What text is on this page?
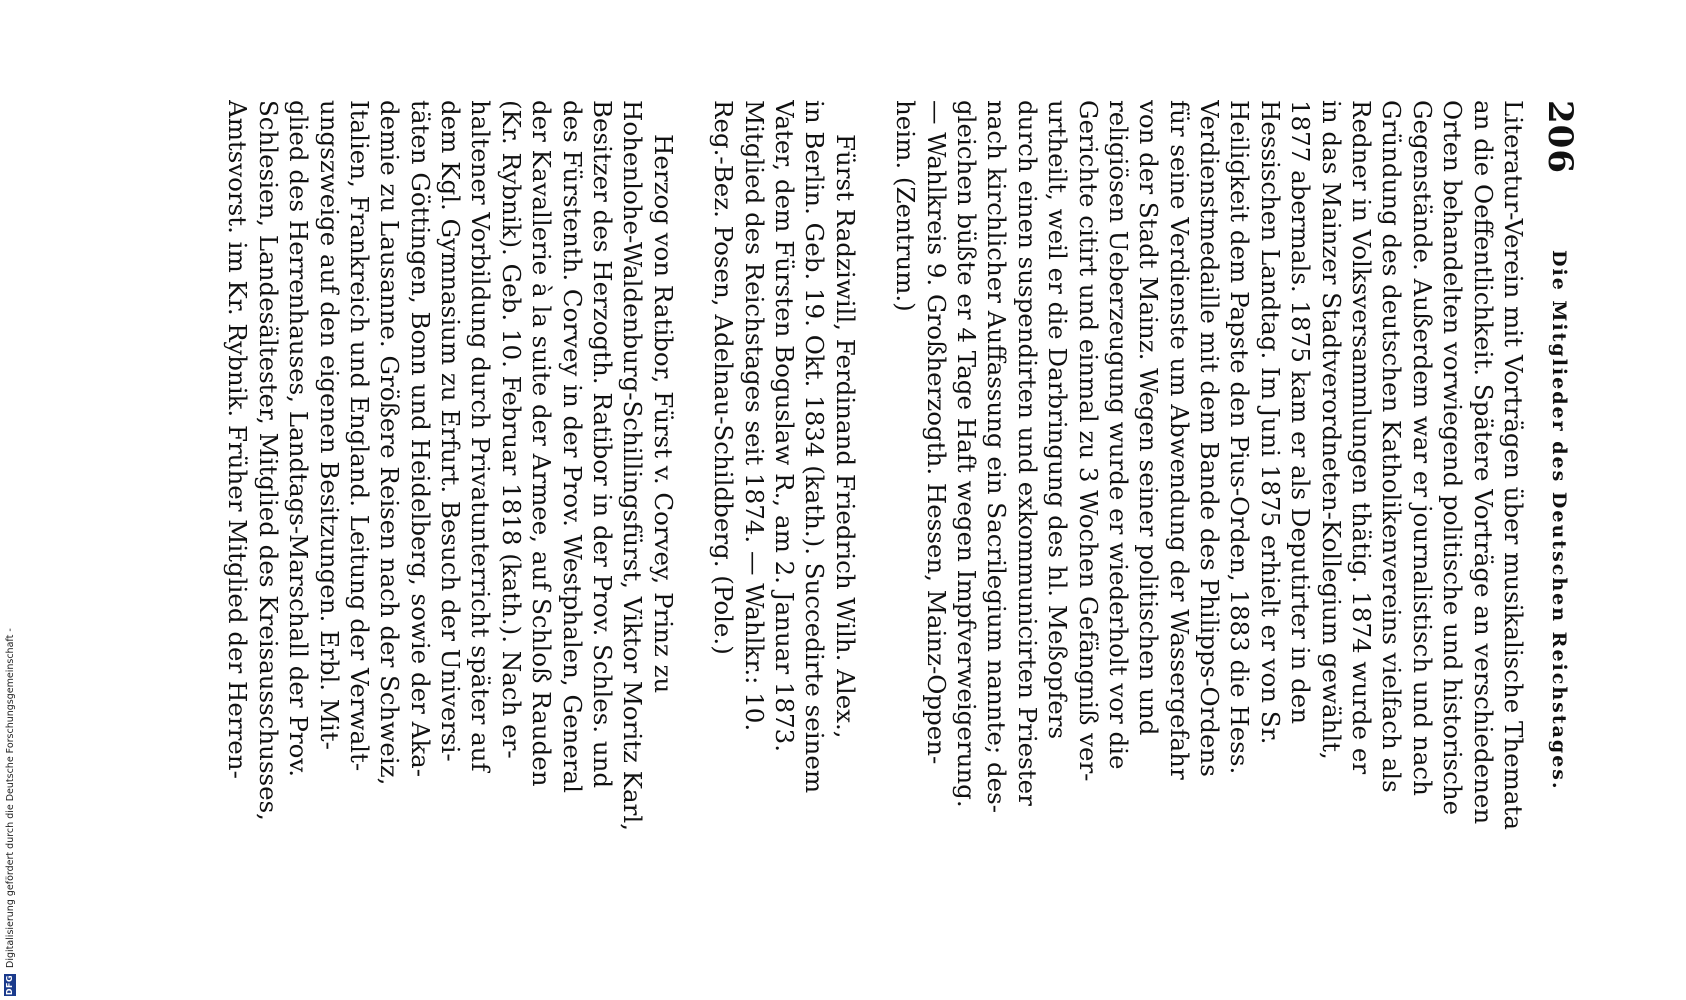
206
Die Mitglieder des Deutschen Reichstages.
Literatur-Verein mit Vorträgen über musikalische Themata
an die Oeffentlichkeit. Spätere Vorträge an verschiedenen
Orten behandelten vorwiegend politische und historische
Gegenstände. Außerdem war er journalistisch und nach
Gründung des deutschen Katholikenvereins vielfach als
Redner in Volksversammlungen thätig. 1874 wurde er
in das Mainzer Stadtverordneten-Kollegium gewählt,
1877 abermals. 1875 kam er als Deputirter in den
Hessischen Landtag. Im Juni 1875 erhielt er von Sr.
Heiligkeit dem Papste den Pius-Orden, 1883 die Hess.
Verdienstmedaille mit dem Bande des Philipps-Ordens
für seine Verdienste um Abwendung der Wassergefahr
von der Stadt Mainz. Wegen seiner politischen und
religiösen Ueberzeugung wurde er wiederholt vor die
Gerichte citirt und einmal zu 3 Wochen Gefängniß ver-
urtheilt, weil er die Darbringung des hl. Meßopfers
durch einen suspendirten und exkommunicirten Priester
nach kirchlicher Auffassung ein Sacrilegium nannte; des-
gleichen büßte er 4 Tage Haft wegen Impfverweigerung.
— Wahlkreis 9. Großherzogth. Hessen, Mainz-Oppen-
heim. (Zentrum.)
Fürst Radziwill, Ferdinand Friedrich Wilh. Alex.,
in Berlin. Geb. 19. Okt. 1834 (kath.). Succedirte seinem
Vater, dem Fürsten Boguslaw R., am 2. Januar 1873.
Mitglied des Reichstages seit 1874. — Wahlkr.: 10.
Reg.-Bez. Posen, Adelnau-Schildberg. (Pole.)
Herzog von Ratibor, Fürst v. Corvey, Prinz zu
Hohenlohe-Waldenburg-Schillingsfürst, Viktor Moritz Karl,
Besitzer des Herzogth. Ratibor in der Prov. Schles. und
des Fürstenth. Corvey in der Prov. Westphalen, General
der Kavallerie à la suite der Armee, auf Schloß Rauden
(Kr. Rybnik). Geb. 10. Februar 1818 (kath.). Nach er-
haltener Vorbildung durch Privatunterricht später auf
dem Kgl. Gymnasium zu Erfurt. Besuch der Universi-
täten Göttingen, Bonn und Heidelberg, sowie der Aka-
demie zu Lausanne. Größere Reisen nach der Schweiz,
Italien, Frankreich und England. Leitung der Verwalt-
ungszweige auf den eigenen Besitzungen. Erbl. Mit-
glied des Herrenhauses, Landtags-Marschall der Prov.
Schlesien, Landesältester, Mitglied des Kreisausschusses,
Amtsvorst. im Kr. Rybnik. Früher Mitglied der Herren-
Digitalisierung gefördert durch die Deutsche Forschungsgemeinschaft -
DFG
